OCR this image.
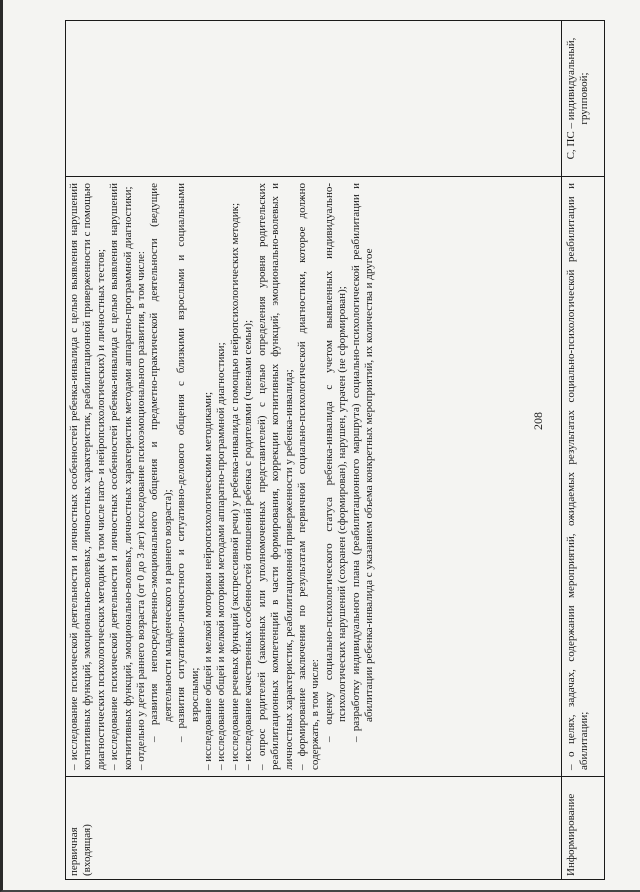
208
первичная (входящая)

– исследование психической деятельности и личностных особенностей ребенка-инвалида с целью выявления нарушений когнитивных функций, эмоционально-волевых, личностных характеристик, реабилитационной приверженности с помощью диагностических психологических методик (в том числе пато- и нейропсихологических) и личностных тестов; – исследование психической деятельности и личностных особенностей ребенка-инвалида с целью выявления нарушений когнитивных функций, эмоционально-волевых, личностных характеристик методами аппаратно-программной диагностики; – отдельно у детей раннего возраста (от 0 до 3 лет) исследование психоэмоционального развития, в том числе: – развития непосредственно-эмоционального общения и предметно-практической деятельности (ведущие деятельности младенческого и раннего возраста); – развития ситуативно-личностного и ситуативно-делового общения с близкими взрослыми и социальными взрослыми; – исследование общей и мелкой моторики нейропсихологическими методиками; – исследование общей и мелкой моторики методами аппаратно-программной диагностики; – исследование речевых функций (экспрессивной речи) у ребенка-инвалида с помощью нейропсихологических методик; – исследование качественных особенностей отношений ребенка с родителями (членами семьи); – опрос родителей (законных или уполномоченных представителей) с целью определения уровня родительских реабилитационных компетенций в части формирования, коррекции когнитивных функций, эмоционально-волевых и личностных характеристик, реабилитационной приверженности у ребенка-инвалида; – формирование заключения по результатам первичной социально-психологической диагностики, которое должно содержать, в том числе: – оценку социально-психологического статуса ребенка-инвалида с учетом выявленных индивидуально-психологических нарушений (сохранен (сформирован), нарушен, утрачен (не сформирован); – разработку индивидуального плана (реабилитационного маршрута) социально-психологической реабилитации и абилитации ребенка-инвалида с указанием объема конкретных мероприятий, их количества и другое

Информирование

– о целях, задачах, содержании мероприятий, ожидаемых результатах социально-психологической реабилитации и абилитации;

С, ПС – индивидуальный, групповой;
